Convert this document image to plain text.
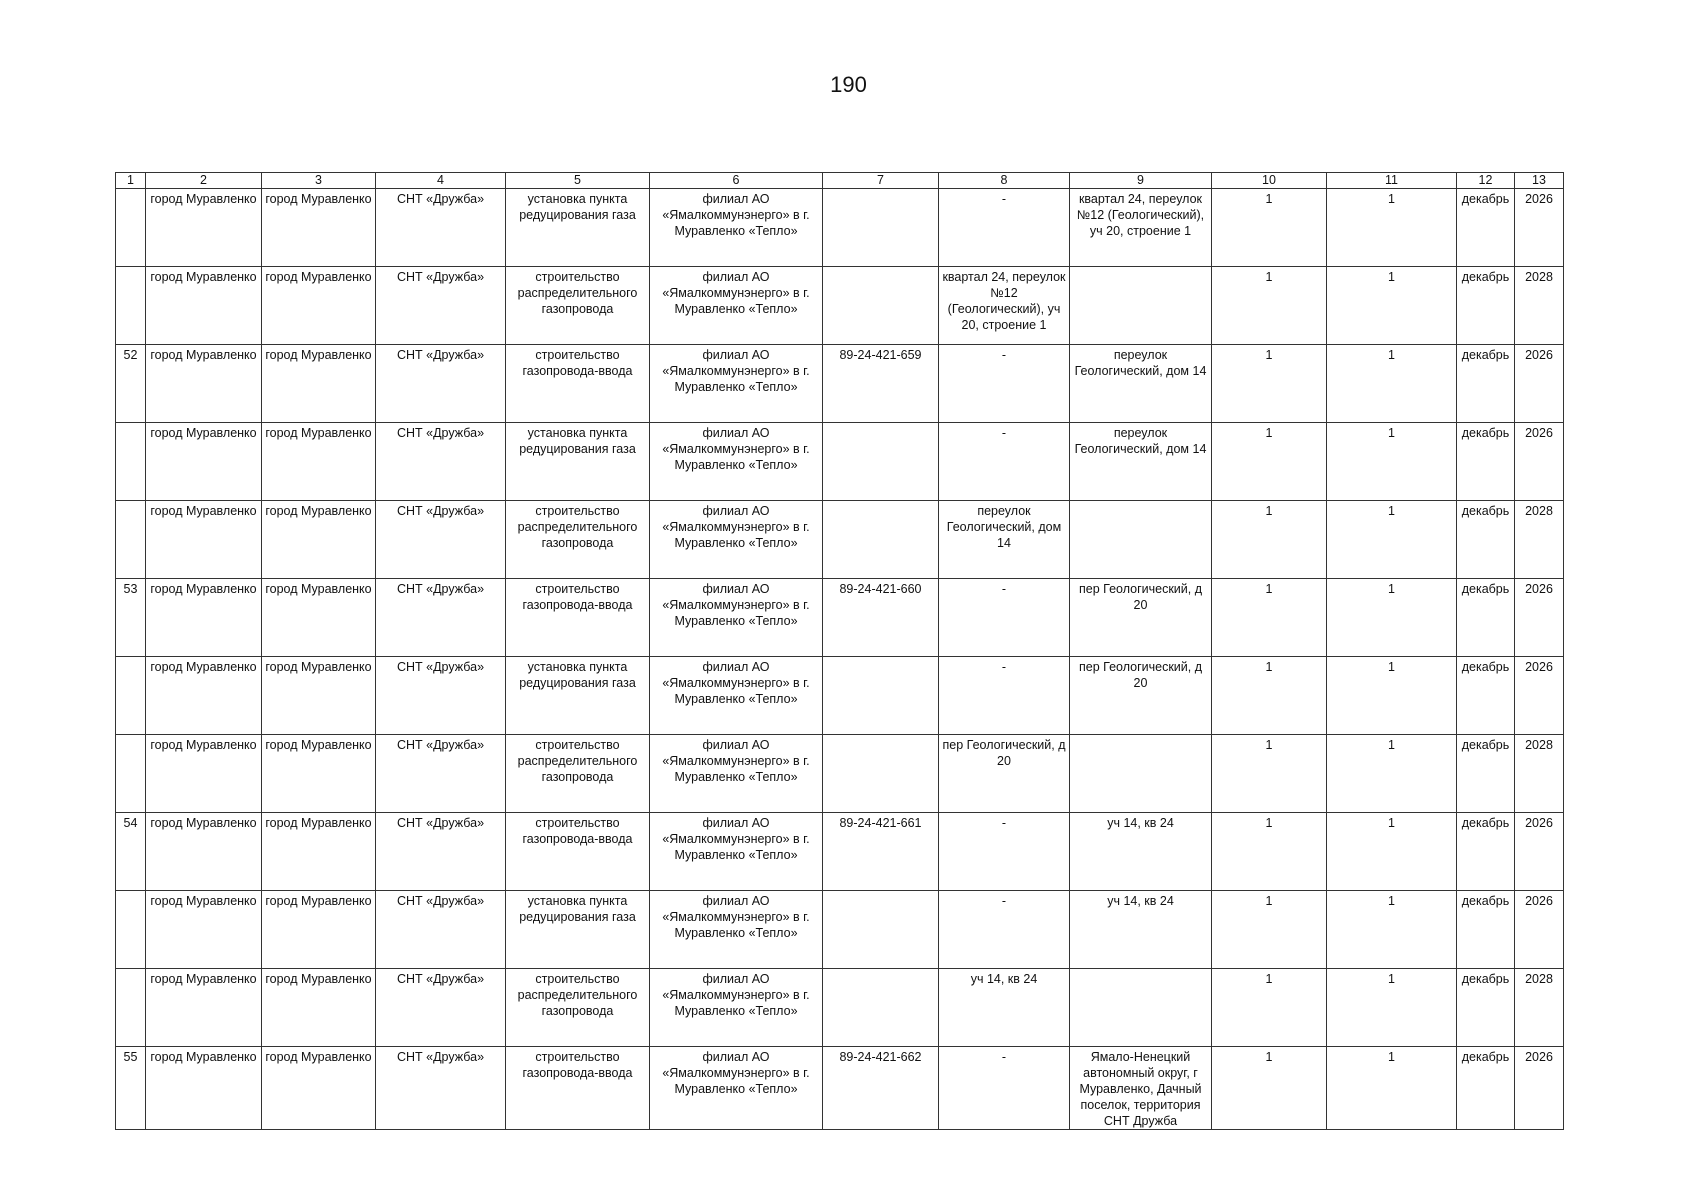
190
1	2	3	4	5	6	7	8	9	10	11	12	13
	город Муравленко	город Муравленко	СНТ «Дружба»	установка пункта редуцирования газа	филиал АО «Ямалкоммунэнерго» в г. Муравленко «Тепло»		-	квартал 24, переулок №12 (Геологический), уч 20, строение 1	1	1	декабрь	2026
	город Муравленко	город Муравленко	СНТ «Дружба»	строительство распределительного газопровода	филиал АО «Ямалкоммунэнерго» в г. Муравленко «Тепло»		квартал 24, переулок №12 (Геологический), уч 20, строение 1		1	1	декабрь	2028
52	город Муравленко	город Муравленко	СНТ «Дружба»	строительство газопровода-ввода	филиал АО «Ямалкоммунэнерго» в г. Муравленко «Тепло»	89-24-421-659	-	переулок Геологический, дом 14	1	1	декабрь	2026
	город Муравленко	город Муравленко	СНТ «Дружба»	установка пункта редуцирования газа	филиал АО «Ямалкоммунэнерго» в г. Муравленко «Тепло»		-	переулок Геологический, дом 14	1	1	декабрь	2026
	город Муравленко	город Муравленко	СНТ «Дружба»	строительство распределительного газопровода	филиал АО «Ямалкоммунэнерго» в г. Муравленко «Тепло»		переулок Геологический, дом 14		1	1	декабрь	2028
53	город Муравленко	город Муравленко	СНТ «Дружба»	строительство газопровода-ввода	филиал АО «Ямалкоммунэнерго» в г. Муравленко «Тепло»	89-24-421-660	-	пер Геологический, д 20	1	1	декабрь	2026
	город Муравленко	город Муравленко	СНТ «Дружба»	установка пункта редуцирования газа	филиал АО «Ямалкоммунэнерго» в г. Муравленко «Тепло»		-	пер Геологический, д 20	1	1	декабрь	2026
	город Муравленко	город Муравленко	СНТ «Дружба»	строительство распределительного газопровода	филиал АО «Ямалкоммунэнерго» в г. Муравленко «Тепло»		пер Геологический, д 20		1	1	декабрь	2028
54	город Муравленко	город Муравленко	СНТ «Дружба»	строительство газопровода-ввода	филиал АО «Ямалкоммунэнерго» в г. Муравленко «Тепло»	89-24-421-661	-	уч 14, кв 24	1	1	декабрь	2026
	город Муравленко	город Муравленко	СНТ «Дружба»	установка пункта редуцирования газа	филиал АО «Ямалкоммунэнерго» в г. Муравленко «Тепло»		-	уч 14, кв 24	1	1	декабрь	2026
	город Муравленко	город Муравленко	СНТ «Дружба»	строительство распределительного газопровода	филиал АО «Ямалкоммунэнерго» в г. Муравленко «Тепло»		уч 14, кв 24		1	1	декабрь	2028
55	город Муравленко	город Муравленко	СНТ «Дружба»	строительство газопровода-ввода	филиал АО «Ямалкоммунэнерго» в г. Муравленко «Тепло»	89-24-421-662	-	Ямало-Ненецкий автономный округ, г Муравленко, Дачный поселок, территория СНТ Дружба	1	1	декабрь	2026
